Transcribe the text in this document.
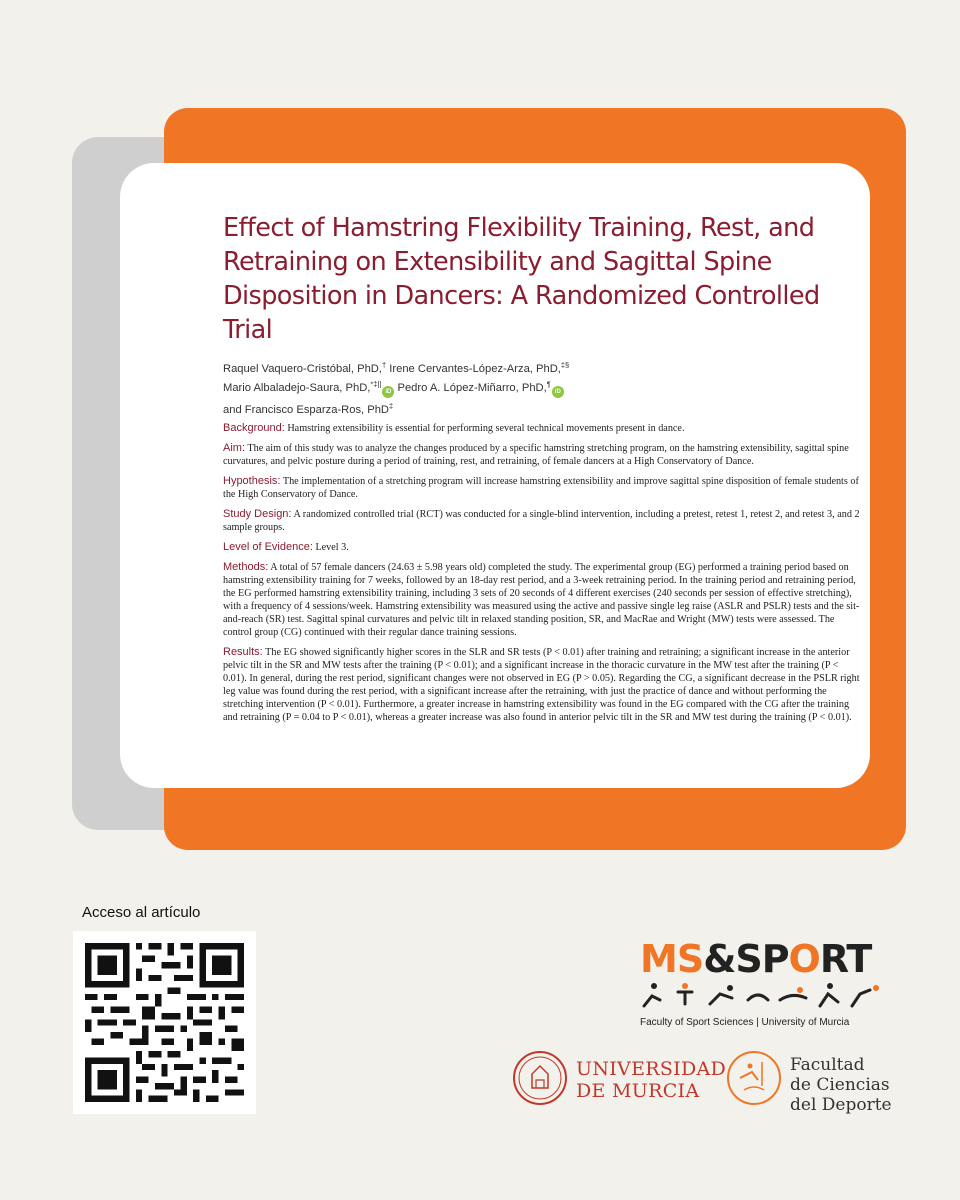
Effect of Hamstring Flexibility Training, Rest, and Retraining on Extensibility and Sagittal Spine Disposition in Dancers: A Randomized Controlled Trial
Raquel Vaquero-Cristóbal, PhD,† Irene Cervantes-López-Arza, PhD,‡§
Mario Albaladejo-Saura, PhD,*‡||iD Pedro A. López-Miñarro, PhD,¶iD
and Francisco Esparza-Ros, PhD‡

Background: Hamstring extensibility is essential for performing several technical movements present in dance.

Aim: The aim of this study was to analyze the changes produced by a specific hamstring stretching program, on the hamstring extensibility, sagittal spine curvatures, and pelvic posture during a period of training, rest, and retraining, of female dancers at a High Conservatory of Dance.

Hypothesis: The implementation of a stretching program will increase hamstring extensibility and improve sagittal spine disposition of female students of the High Conservatory of Dance.

Study Design: A randomized controlled trial (RCT) was conducted for a single-blind intervention, including a pretest, retest 1, retest 2, and retest 3, and 2 sample groups.

Level of Evidence: Level 3.

Methods: A total of 57 female dancers (24.63 ± 5.98 years old) completed the study. The experimental group (EG) performed a training period based on hamstring extensibility training for 7 weeks, followed by an 18-day rest period, and a 3-week retraining period. In the training period and retraining period, the EG performed hamstring extensibility training, including 3 sets of 20 seconds of 4 different exercises (240 seconds per session of effective stretching), with a frequency of 4 sessions/week. Hamstring extensibility was measured using the active and passive single leg raise (ASLR and PSLR) tests and the sit-and-reach (SR) test. Sagittal spinal curvatures and pelvic tilt in relaxed standing position, SR, and MacRae and Wright (MW) tests were assessed. The control group (CG) continued with their regular dance training sessions.

Results: The EG showed significantly higher scores in the SLR and SR tests (P < 0.01) after training and retraining; a significant increase in the anterior pelvic tilt in the SR and MW tests after the training (P < 0.01); and a significant increase in the thoracic curvature in the MW test after the training (P < 0.01). In general, during the rest period, significant changes were not observed in EG (P > 0.05). Regarding the CG, a significant decrease in the PSLR right leg value was found during the rest period, with a significant increase after the retraining, with just the practice of dance and without performing the stretching intervention (P < 0.01). Furthermore, a greater increase in hamstring extensibility was found in the EG compared with the CG after the training and retraining (P = 0.04 to P < 0.01), whereas a greater increase was also found in anterior pelvic tilt in the SR and MW test during the training (P < 0.01).

Acceso al artículo
MS&SPORT
Faculty of Sport Sciences | University of Murcia
UNIVERSIDAD
DE MURCIA
Facultad
de Ciencias
del Deporte
